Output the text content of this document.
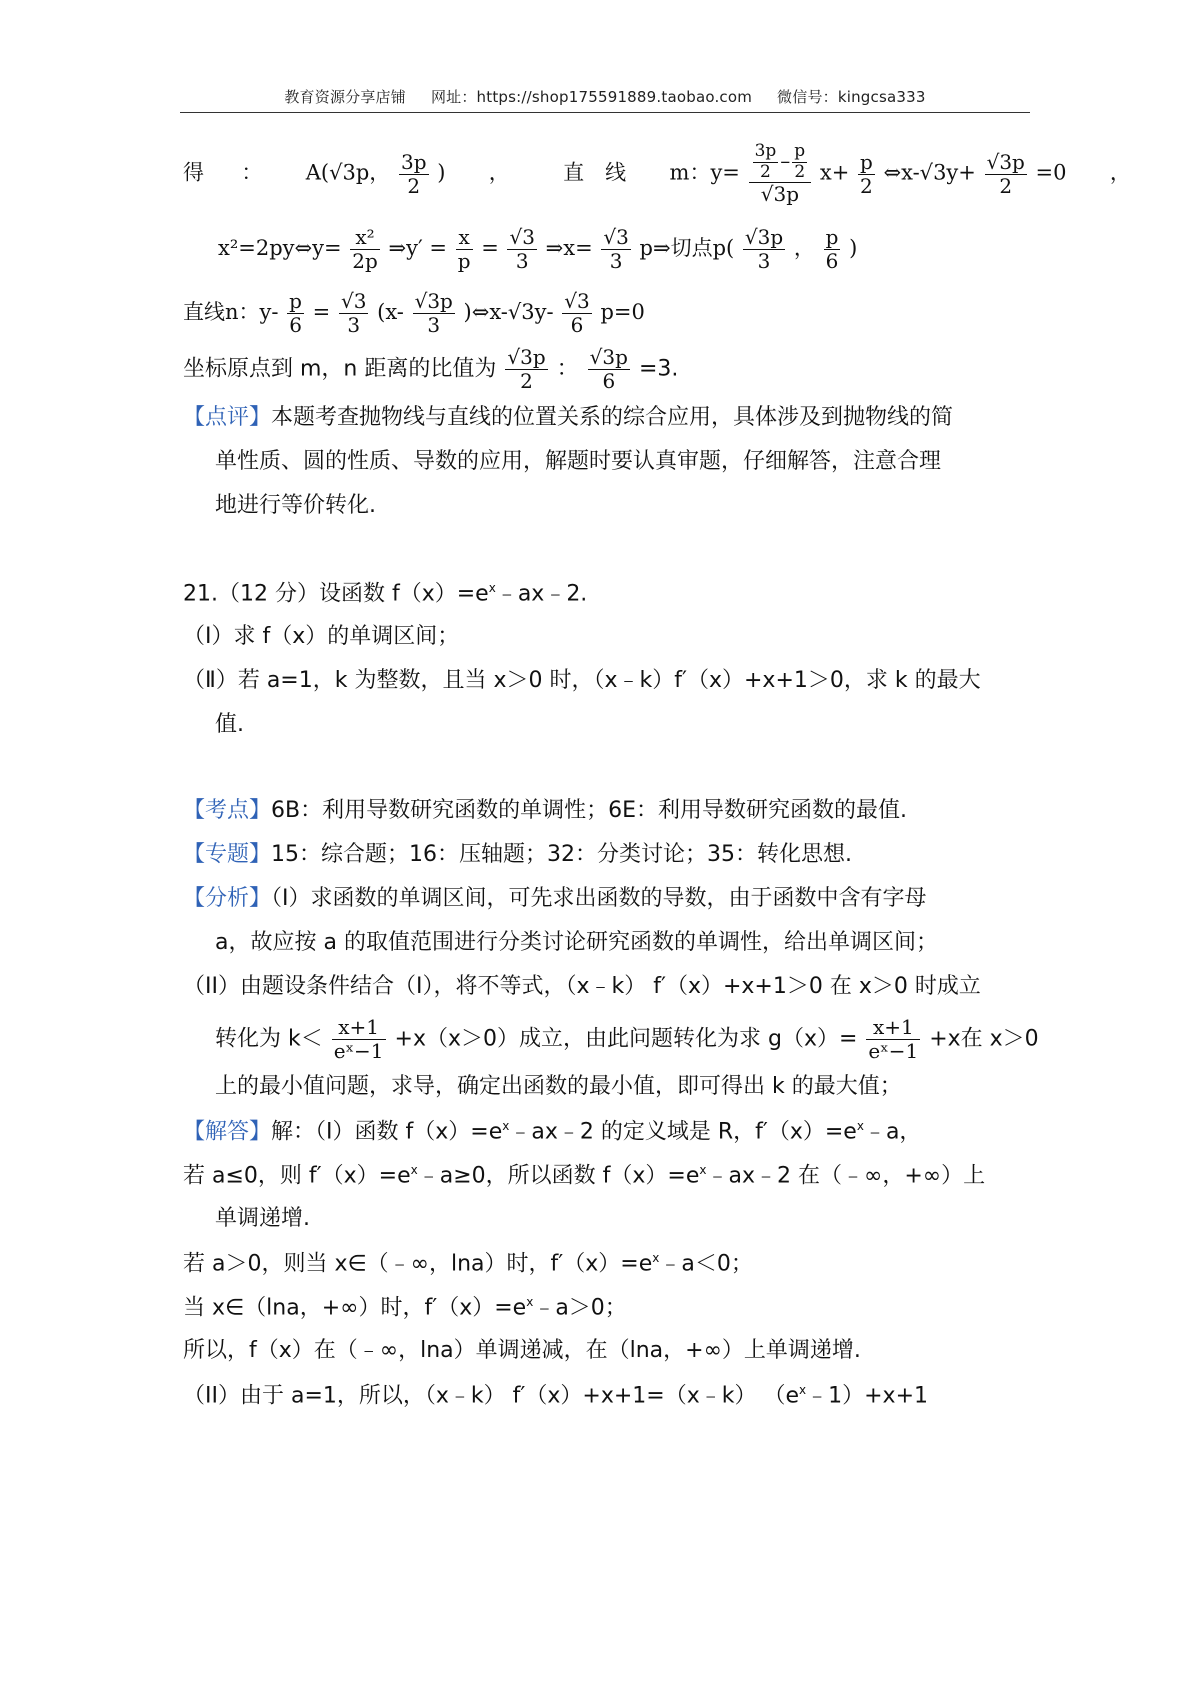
教育资源分享店铺 网址：https://shop175591889.taobao.com 微信号：kingcsa333
得 ： A(√3p， $\frac{3p}{2}$ ) ，	直　线 m：$y= \frac{\frac{3p}{2} - \frac{p}{2}}{√3p} x+ \frac{p}{2}$ ⇔x-√3y+ $\frac{√3p}{2} =0$ ，
x²=2py⇔y= $\frac{\text{x²}}{2p}$ ⇒y′ = $\frac{x}{p} = \frac{√3}{3}$ ⇒x= $\frac{√3}{3}$ p⇒切点$p( \frac{√3p}{3}$ ， $\frac{p}{6}$ )
直线n：$y- \frac{p}{6} = \frac{√3}{3} (x- \frac{√3p}{3}$ )⇔x-√3y- $\frac{√3}{6} p=0$
坐标原点到 m，n 距离的比值为 $\frac{√3p}{2}$ ： $\frac{√3p}{6} =3$.
【点评】本题考查抛物线与直线的位置关系的综合应用，具体涉及到抛物线的简
单性质、圆的性质、导数的应用，解题时要认真审题，仔细解答，注意合理
地进行等价转化.
21.（12 分）设函数 $f(x)=e^x﹣ax﹣2$.
（Ⅰ）求 f（x）的单调区间；
（Ⅱ）若 a=1，k 为整数，且当 x＞0 时，（x﹣k）f′（x）+x+1＞0，求 k 的最大
值.
【考点】6B：利用导数研究函数的单调性；6E：利用导数研究函数的最值.
【专题】15：综合题；16：压轴题；32：分类讨论；35：转化思想.
【分析】（Ⅰ）求函数的单调区间，可先求出函数的导数，由于函数中含有字母
a，故应按 a 的取值范围进行分类讨论研究函数的单调性，给出单调区间；
（II）由题设条件结合（I），将不等式，（x﹣k） f′（x）+x+1＞0 在 x＞0 时成立
转化为 $k< \frac{x+1}{\text{eˣ−1}} +x(x>0)$成立，由此问题转化为求 $g(x)= \frac{x+1}{\text{eˣ−1}} +x$在 x＞0
上的最小值问题，求导，确定出函数的最小值，即可得出 k 的最大值；
【解答】解：（I）函数 $f(x)=e^x﹣ax﹣2$ 的定义域是 R，$f'(x)=e^x﹣a$，
若 a≤0，则 $f'(x)=e^x﹣a\ge 0$，所以函数 $f(x)=e^x﹣ax﹣2$ 在（﹣∞，+∞）上
单调递增.
若 a＞0，则当 x∈（﹣∞，lna）时，$f'(x)=e^x﹣a<0$；
当 x∈（lna，+∞）时，$f'(x)=e^x﹣a>0$；
所以，f（x）在（﹣∞，lna）单调递减，在（lna，+∞）上单调递增.
（II）由于 a=1，所以，（x﹣k） f′（x）+x+1=（x﹣k） $(e^x﹣1)+x+1$
